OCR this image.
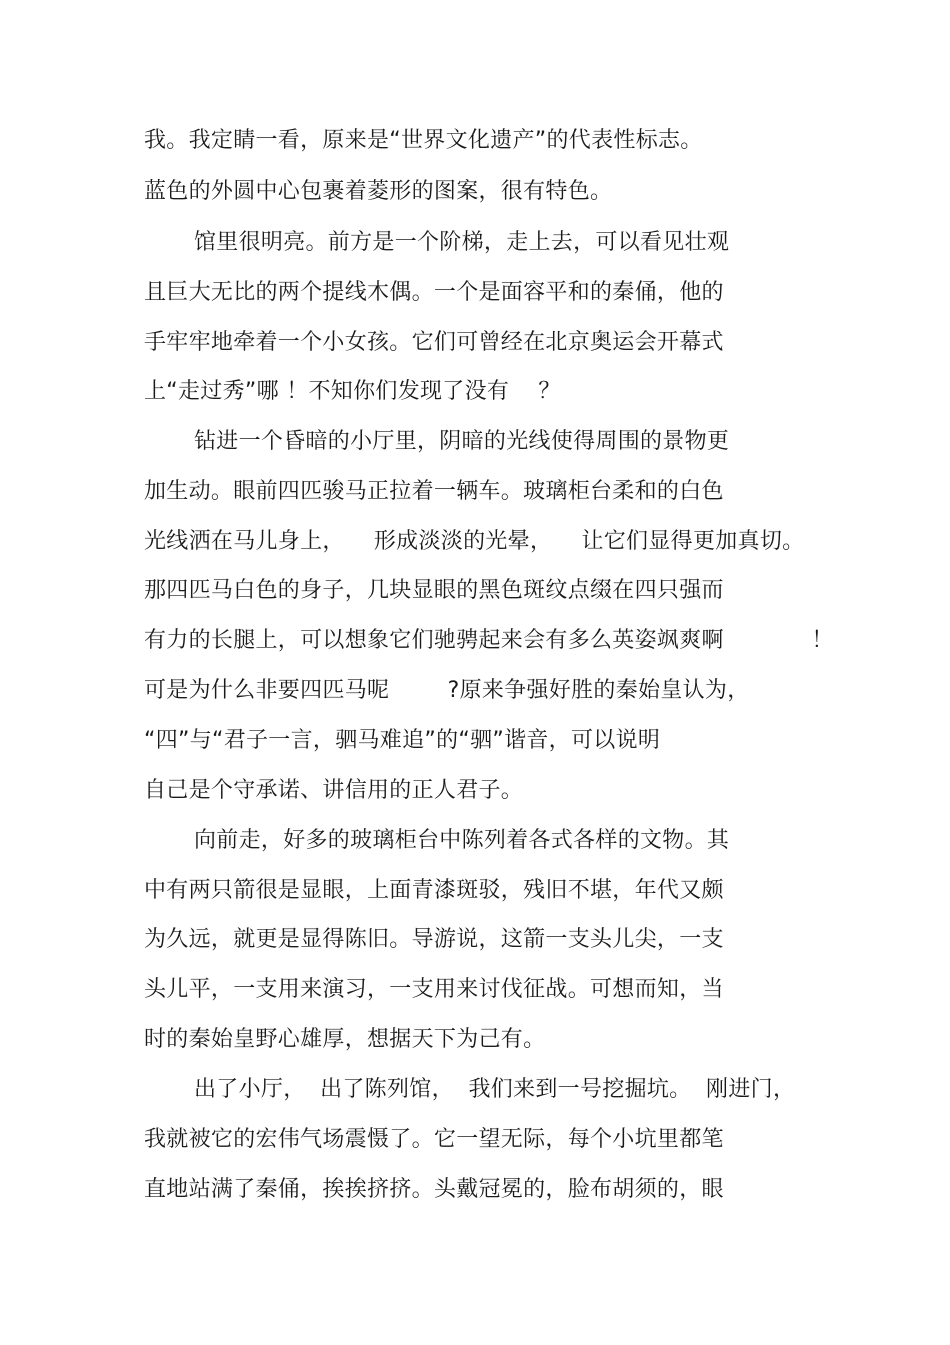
我。我定睛一看，原来是“世界文化遗产”的代表性标志。

蓝色的外圆中心包裹着菱形的图案，很有特色。

馆里很明亮。前方是一个阶梯，走上去，可以看见壮观

且巨大无比的两个提线木偶。一个是面容平和的秦俑，他的

手牢牢地牵着一个小女孩。它们可曾经在北京奥运会开幕式

上“走过秀”哪 ！不知你们发现了没有    ？

钻进一个昏暗的小厅里，阴暗的光线使得周围的景物更

加生动。眼前四匹骏马正拉着一辆车。玻璃柜台柔和的白色

光线洒在马儿身上，    形成淡淡的光晕，    让它们显得更加真切。

那四匹马白色的身子，几块显眼的黑色斑纹点缀在四只强而

有力的长腿上，可以想象它们驰骋起来会有多么英姿飒爽啊            ！

可是为什么非要四匹马呢        ?原来争强好胜的秦始皇认为，

“四”与“君子一言，驷马难追”的“驷”谐音，可以说明

自己是个守承诺、讲信用的正人君子。

向前走，好多的玻璃柜台中陈列着各式各样的文物。其

中有两只箭很是显眼，上面青漆斑驳，残旧不堪，年代又颇

为久远，就更是显得陈旧。导游说，这箭一支头儿尖，一支

头儿平，一支用来演习，一支用来讨伐征战。可想而知，当

时的秦始皇野心雄厚，想据天下为己有。

出了小厅，  出了陈列馆，  我们来到一号挖掘坑。  刚进门，

我就被它的宏伟气场震慑了。它一望无际，每个小坑里都笔

直地站满了秦俑，挨挨挤挤。头戴冠冕的，脸布胡须的，眼
